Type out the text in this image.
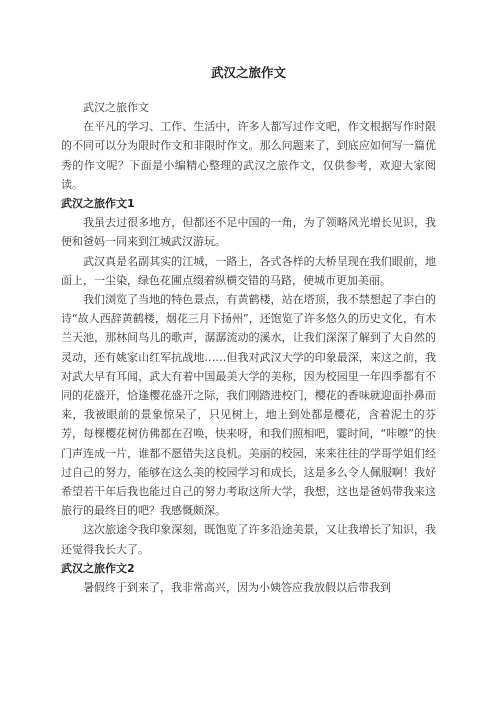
武汉之旅作文

武汉之旅作文

在平凡的学习、工作、生活中，许多人都写过作文吧，作文根据写作时限的不同可以分为限时作文和非限时作文。那么问题来了，到底应如何写一篇优秀的作文呢？下面是小编精心整理的武汉之旅作文，仅供参考，欢迎大家阅读。

武汉之旅作文1

我虽去过很多地方，但都还不足中国的一角，为了领略风光增长见识，我便和爸妈一同来到江城武汉游玩。

武汉真是名副其实的江城，一路上，各式各样的大桥呈现在我们眼前，地面上，一尘染，绿色花圃点缀着纵横交错的马路，使城市更加美丽。

我们浏览了当地的特色景点，有黄鹤楼，站在塔顶，我不禁想起了李白的诗“故人西辞黄鹤楼，烟花三月下扬州”，还饱览了许多悠久的历史文化，有木兰天池，那林间鸟儿的歌声，潺潺流动的溪水，让我们深深了解到了大自然的灵动，还有姚家山红军抗战地……但我对武汉大学的印象最深，来这之前，我对武大早有耳闻，武大有着中国最美大学的美称，因为校园里一年四季都有不同的花盛开，恰逢樱花盛开之际，我们刚踏进校门，樱花的香味就迎面扑鼻而来，我被眼前的景象惊呆了，只见树上，地上到处都是樱花，含着泥土的芬芳，每棵樱花树仿佛都在召唤，快来呀，和我们照相吧，霎时间，“咔嚓”的快门声连成一片，谁都不愿错失这良机。美丽的校园，来来往往的学哥学姐们经过自己的努力，能够在这么美的校园学习和成长，这是多么令人佩服啊！我好希望若干年后我也能过自己的努力考取这所大学，我想，这也是爸妈带我来这旅行的最终目的吧？我感慨颇深。

这次旅途令我印象深刻，既饱览了许多沿途美景，又让我增长了知识，我还觉得我长大了。

武汉之旅作文2

暑假终于到来了，我非常高兴，因为小姨答应我放假以后带我到
